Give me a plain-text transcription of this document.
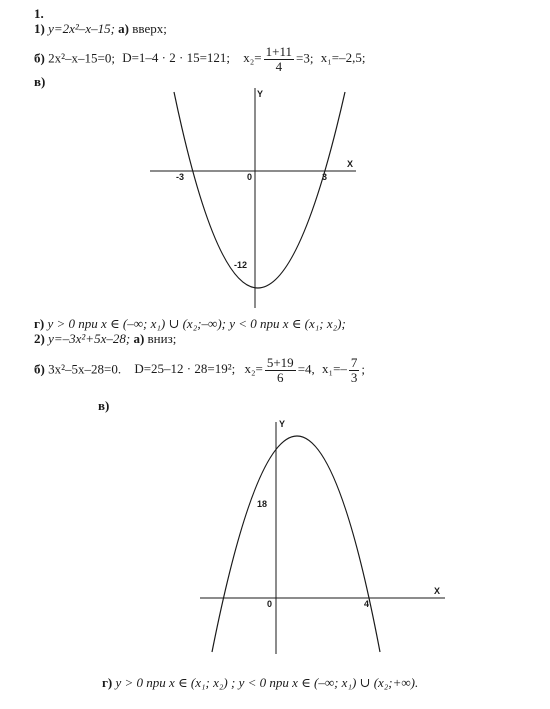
1.
1) y=2x²–x–15; а) вверх;
б) 2x²–x–15=0; D=1–4 · 2 · 15=121; $x_2= \frac{1+11}{4} =3$; x₁=–2,5;
в)
Y
X
-3	0	3
-12
г) y > 0 при x ∈ (–∞; x₁) ∪ (x₂;–∞); y < 0 при x ∈ (x₁; x₂);
2) y=–3x²+5x–28; а) вниз;
б) 3x²–5x–28=0. D=25–12 · 28=19²; $x_2= \frac{5+19}{6} =4$, $x_1=- \frac{7}{3}$ ;
в)
Y
X
18
0	4
г) y > 0 при x ∈ (x₁; x₂) ; y < 0 при x ∈ (–∞; x₁) ∪ (x₂;+∞).
